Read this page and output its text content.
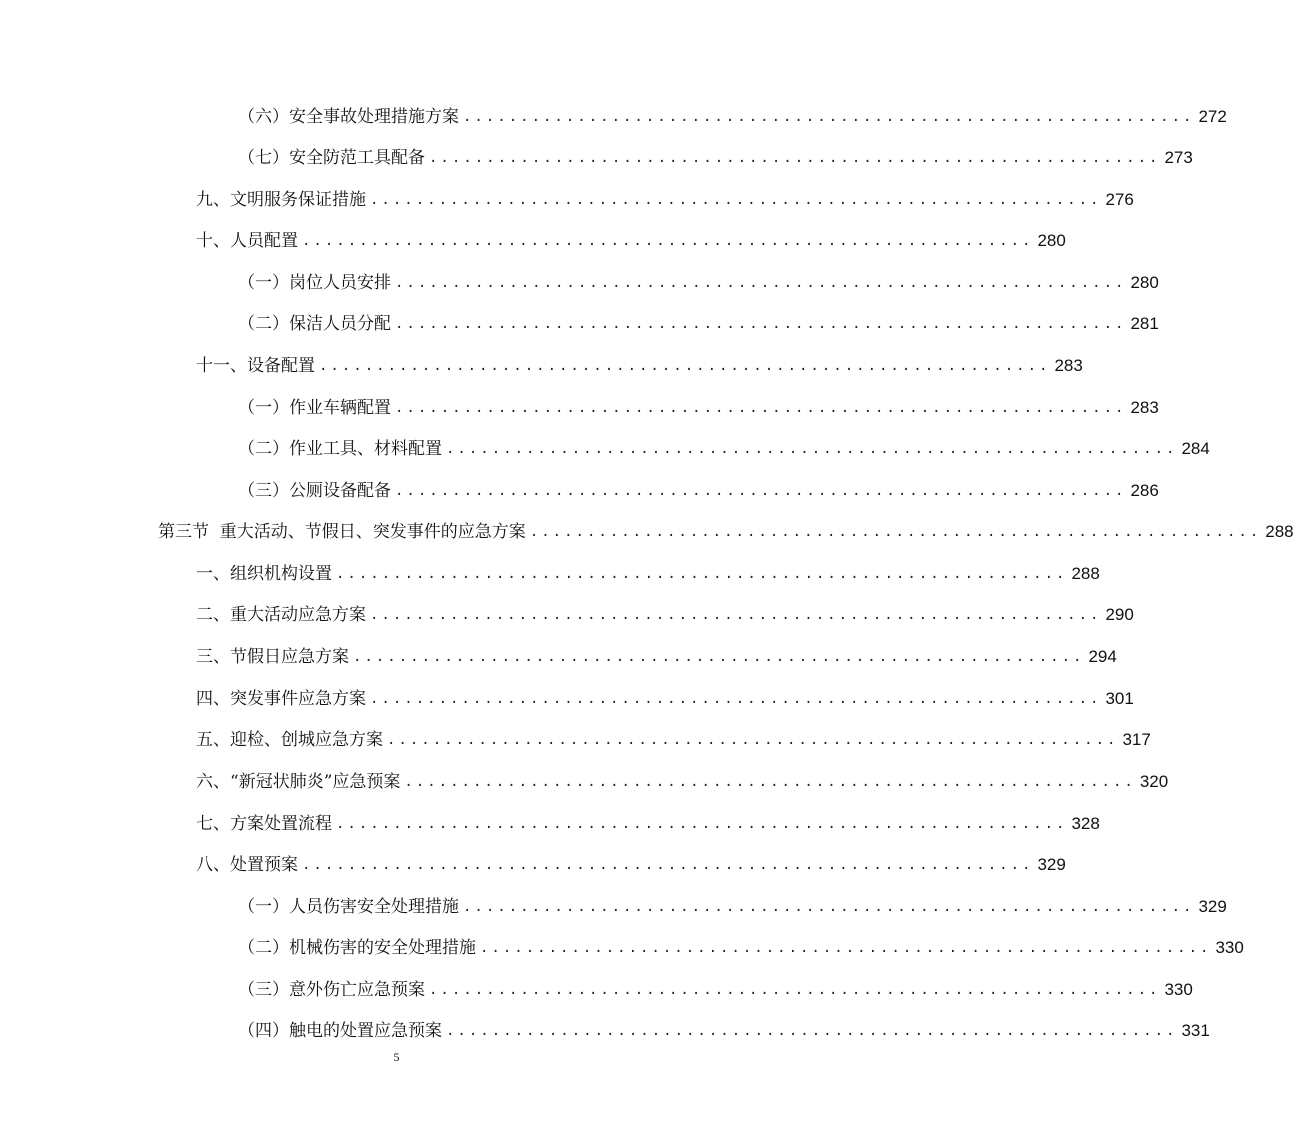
（六）安全事故处理措施方案 ................................................................ 272
（七）安全防范工具配备 ................................................................ 273
九、文明服务保证措施 ................................................................ 276
十、人员配置 ................................................................ 280
（一）岗位人员安排 ................................................................ 280
（二）保洁人员分配 ................................................................ 281
十一、设备配置 ................................................................ 283
（一）作业车辆配置 ................................................................ 283
（二）作业工具、材料配置 ................................................................ 284
（三）公厕设备配备 ................................................................ 286
第三节  重大活动、节假日、突发事件的应急方案 ................................................................ 288
一、组织机构设置 ................................................................ 288
二、重大活动应急方案 ................................................................ 290
三、节假日应急方案 ................................................................ 294
四、突发事件应急方案 ................................................................ 301
五、迎检、创城应急方案 ................................................................ 317
六、“新冠状肺炎”应急预案 ................................................................ 320
七、方案处置流程 ................................................................ 328
八、处置预案 ................................................................ 329
（一）人员伤害安全处理措施 ................................................................ 329
（二）机械伤害的安全处理措施 ................................................................ 330
（三）意外伤亡应急预案 ................................................................ 330
（四）触电的处置应急预案 ................................................................ 331
5
